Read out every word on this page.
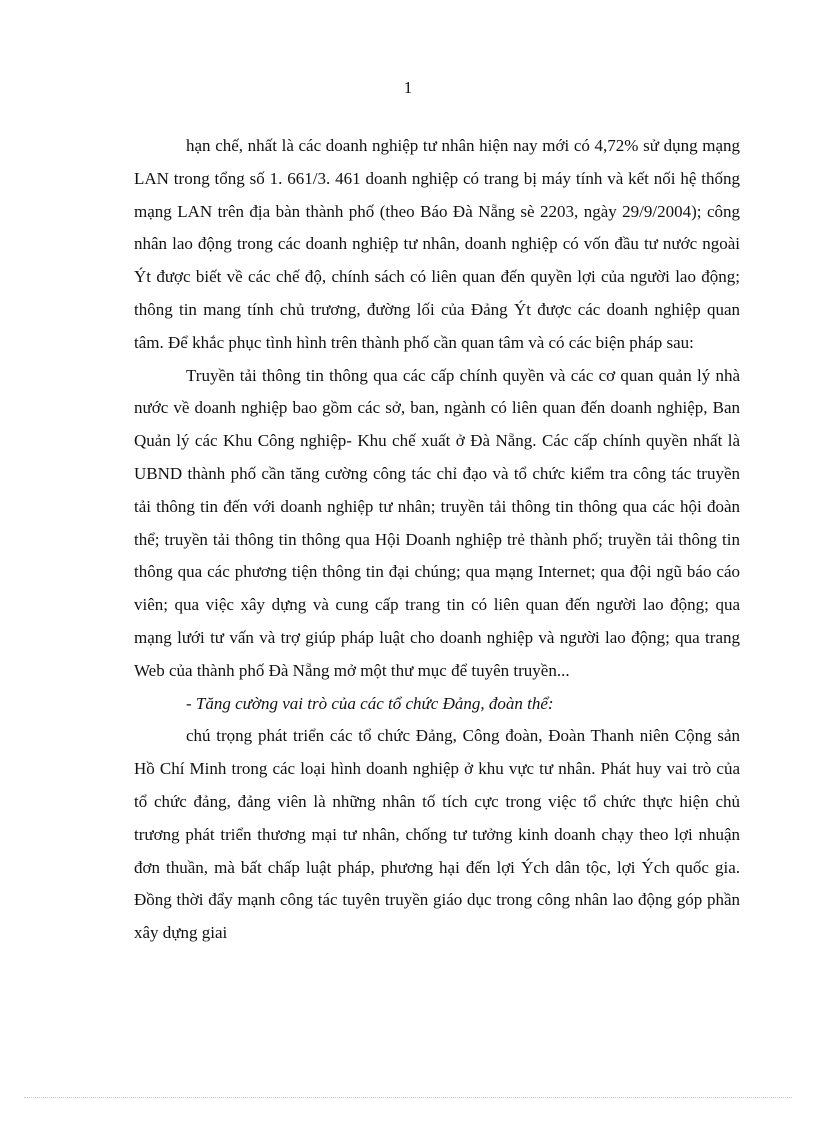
1

hạn chế, nhất là các doanh nghiệp tư nhân hiện nay mới có 4,72% sử dụng mạng LAN trong tổng số 1. 661/3. 461 doanh nghiệp có trang bị máy tính và kết nối hệ thống mạng LAN trên địa bàn thành phố (theo Báo Đà Nẵng sè 2203, ngày 29/9/2004); công nhân lao động trong các doanh nghiệp tư nhân, doanh nghiệp có vốn đầu tư nước ngoài Ýt được biết về các chế độ, chính sách có liên quan đến quyền lợi của người lao động; thông tin mang tính chủ trương, đường lối của Đảng Ýt được các doanh nghiệp quan tâm. Để khắc phục tình hình trên thành phố cần quan tâm và có các biện pháp sau:

Truyền tải thông tin thông qua các cấp chính quyền và các cơ quan quản lý nhà nước về doanh nghiệp bao gồm các sở, ban, ngành có liên quan đến doanh nghiệp, Ban Quản lý các Khu Công nghiệp- Khu chế xuất ở Đà Nẵng. Các cấp chính quyền nhất là UBND thành phố cần tăng cường công tác chỉ đạo và tổ chức kiểm tra công tác truyền tải thông tin đến với doanh nghiệp tư nhân; truyền tải thông tin thông qua các hội đoàn thể; truyền tải thông tin thông qua Hội Doanh nghiệp trẻ thành phố; truyền tải thông tin thông qua các phương tiện thông tin đại chúng; qua mạng Internet; qua đội ngũ báo cáo viên; qua việc xây dựng và cung cấp trang tin có liên quan đến người lao động; qua mạng lưới tư vấn và trợ giúp pháp luật cho doanh nghiệp và người lao động; qua trang Web của thành phố Đà Nẵng mở một thư mục để tuyên truyền...

- Tăng cường vai trò của các tổ chức Đảng, đoàn thể:

chú trọng phát triển các tổ chức Đảng, Công đoàn, Đoàn Thanh niên Cộng sản Hồ Chí Minh trong các loại hình doanh nghiệp ở khu vực tư nhân. Phát huy vai trò của tổ chức đảng, đảng viên là những nhân tố tích cực trong việc tổ chức thực hiện chủ trương phát triển thương mại tư nhân, chống tư tưởng kinh doanh chạy theo lợi nhuận đơn thuần, mà bất chấp luật pháp, phương hại đến lợi Ých dân tộc, lợi Ých quốc gia. Đồng thời đẩy mạnh công tác tuyên truyền giáo dục trong công nhân lao động góp phần xây dựng giai
